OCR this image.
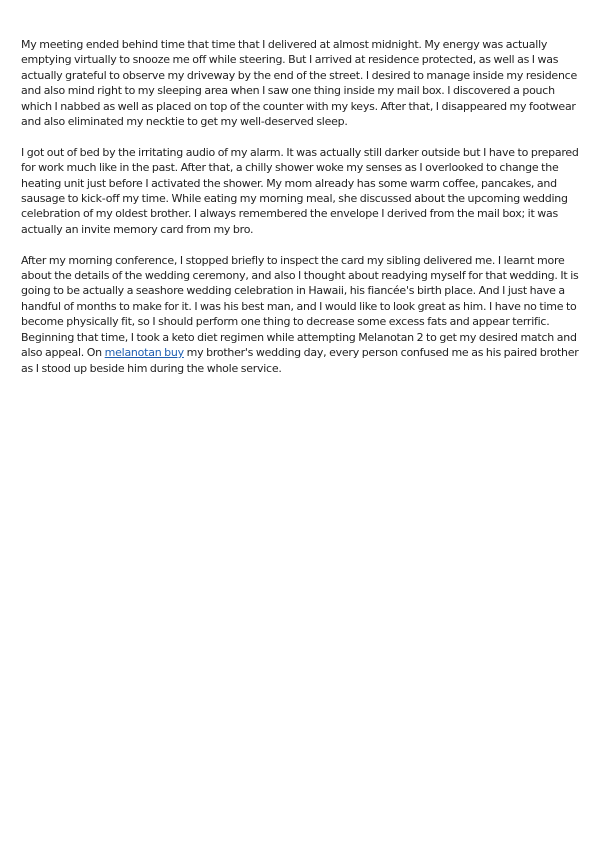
My meeting ended behind time that time that I delivered at almost midnight. My energy was actually emptying virtually to snooze me off while steering. But I arrived at residence protected, as well as I was actually grateful to observe my driveway by the end of the street. I desired to manage inside my residence and also mind right to my sleeping area when I saw one thing inside my mail box. I discovered a pouch which I nabbed as well as placed on top of the counter with my keys. After that, I disappeared my footwear and also eliminated my necktie to get my well-deserved sleep.

I got out of bed by the irritating audio of my alarm. It was actually still darker outside but I have to prepared for work much like in the past. After that, a chilly shower woke my senses as I overlooked to change the heating unit just before I activated the shower. My mom already has some warm coffee, pancakes, and sausage to kick-off my time. While eating my morning meal, she discussed about the upcoming wedding celebration of my oldest brother. I always remembered the envelope I derived from the mail box; it was actually an invite memory card from my bro.

After my morning conference, I stopped briefly to inspect the card my sibling delivered me. I learnt more about the details of the wedding ceremony, and also I thought about readying myself for that wedding. It is going to be actually a seashore wedding celebration in Hawaii, his fiancée's birth place. And I just have a handful of months to make for it. I was his best man, and I would like to look great as him. I have no time to become physically fit, so I should perform one thing to decrease some excess fats and appear terrific. Beginning that time, I took a keto diet regimen while attempting Melanotan 2 to get my desired match and also appeal. On melanotan buy my brother's wedding day, every person confused me as his paired brother as I stood up beside him during the whole service.
